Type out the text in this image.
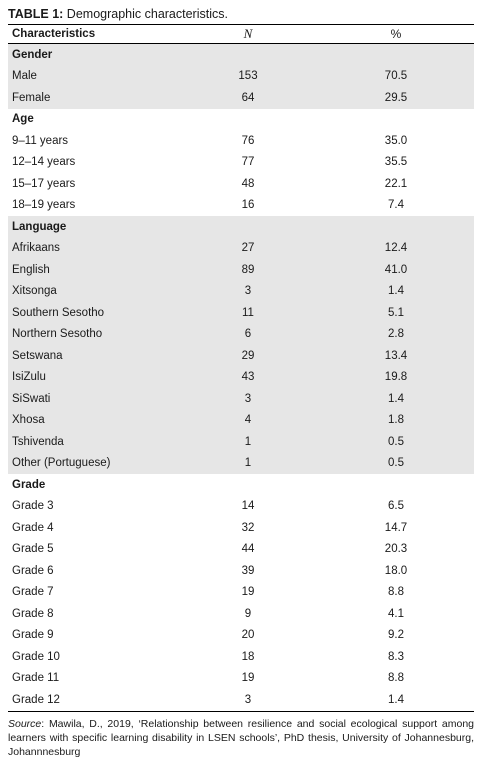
TABLE 1: Demographic characteristics.
Characteristics	N	%
Gender		
Male	153	70.5
Female	64	29.5
Age		
9–11 years	76	35.0
12–14 years	77	35.5
15–17 years	48	22.1
18–19 years	16	7.4
Language		
Afrikaans	27	12.4
English	89	41.0
Xitsonga	3	1.4
Southern Sesotho	11	5.1
Northern Sesotho	6	2.8
Setswana	29	13.4
IsiZulu	43	19.8
SiSwati	3	1.4
Xhosa	4	1.8
Tshivenda	1	0.5
Other (Portuguese)	1	0.5
Grade		
Grade 3	14	6.5
Grade 4	32	14.7
Grade 5	44	20.3
Grade 6	39	18.0
Grade 7	19	8.8
Grade 8	9	4.1
Grade 9	20	9.2
Grade 10	18	8.3
Grade 11	19	8.8
Grade 12	3	1.4
Source: Mawila, D., 2019, ‘Relationship between resilience and social ecological support among learners with specific learning disability in LSEN schools’, PhD thesis, University of Johannesburg, Johannnesburg
